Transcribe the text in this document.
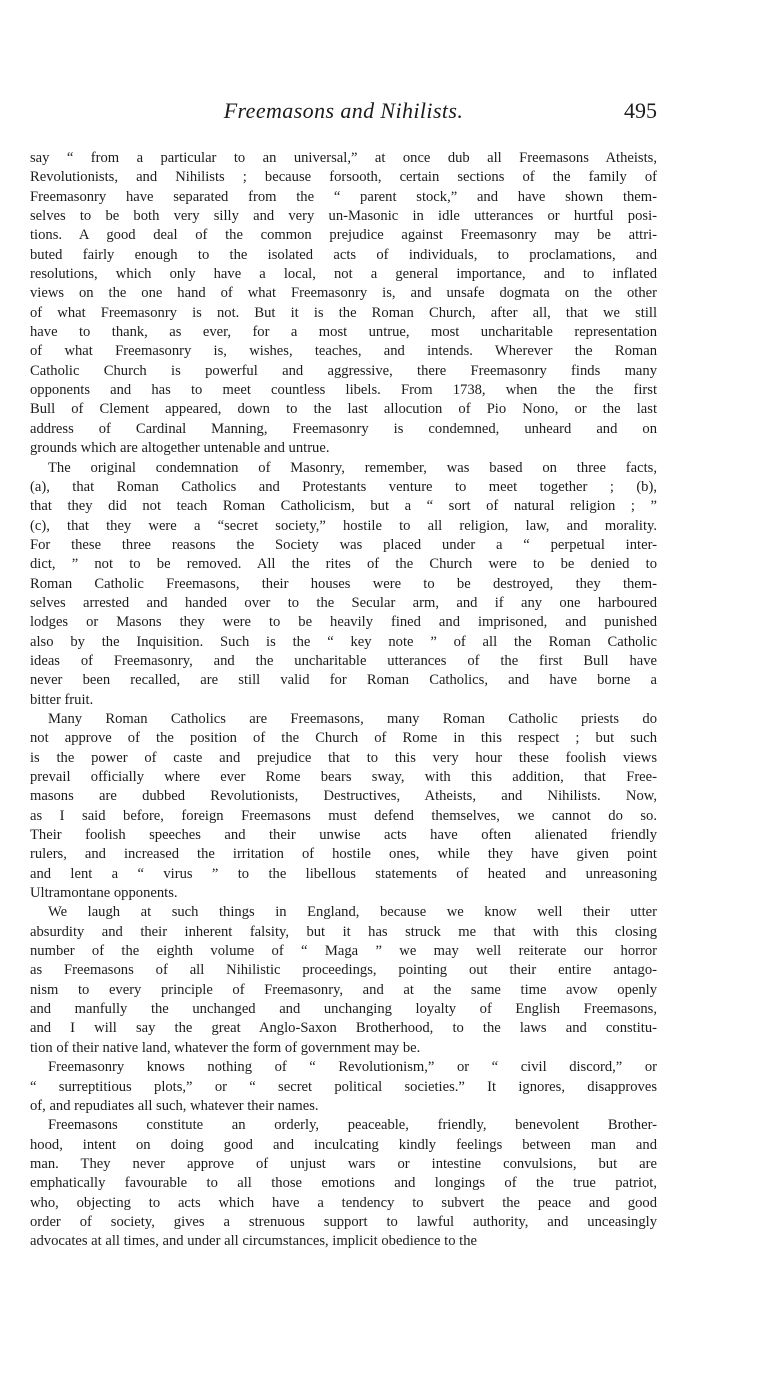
Freemasons and Nihilists.	495
say “ from a particular to an universal,” at once dub all Freemasons Atheists,
Revolutionists, and Nihilists ; because forsooth, certain sections of the family of
Freemasonry have separated from the “ parent stock,” and have shown them-
selves to be both very silly and very un-Masonic in idle utterances or hurtful posi-
tions. A good deal of the common prejudice against Freemasonry may be attri-
buted fairly enough to the isolated acts of individuals, to proclamations, and
resolutions, which only have a local, not a general importance, and to inflated
views on the one hand of what Freemasonry is, and unsafe dogmata on the other
of what Freemasonry is not. But it is the Roman Church, after all, that we still
have to thank, as ever, for a most untrue, most uncharitable representation
of what Freemasonry is, wishes, teaches, and intends. Wherever the Roman
Catholic Church is powerful and aggressive, there Freemasonry finds many
opponents and has to meet countless libels. From 1738, when the the first
Bull of Clement appeared, down to the last allocution of Pio Nono, or the last
address of Cardinal Manning, Freemasonry is condemned, unheard and on
grounds which are altogether untenable and untrue.
The original condemnation of Masonry, remember, was based on three facts,
(a), that Roman Catholics and Protestants venture to meet together ; (b),
that they did not teach Roman Catholicism, but a “ sort of natural religion ; ”
(c), that they were a “secret society,” hostile to all religion, law, and morality.
For these three reasons the Society was placed under a “ perpetual inter-
dict, ” not to be removed. All the rites of the Church were to be denied to
Roman Catholic Freemasons, their houses were to be destroyed, they them-
selves arrested and handed over to the Secular arm, and if any one harboured
lodges or Masons they were to be heavily fined and imprisoned, and punished
also by the Inquisition. Such is the “ key note ” of all the Roman Catholic
ideas of Freemasonry, and the uncharitable utterances of the first Bull have
never been recalled, are still valid for Roman Catholics, and have borne a
bitter fruit.
Many Roman Catholics are Freemasons, many Roman Catholic priests do
not approve of the position of the Church of Rome in this respect ; but such
is the power of caste and prejudice that to this very hour these foolish views
prevail officially where ever Rome bears sway, with this addition, that Free-
masons are dubbed Revolutionists, Destructives, Atheists, and Nihilists. Now,
as I said before, foreign Freemasons must defend themselves, we cannot do so.
Their foolish speeches and their unwise acts have often alienated friendly
rulers, and increased the irritation of hostile ones, while they have given point
and lent a “ virus ” to the libellous statements of heated and unreasoning
Ultramontane opponents.
We laugh at such things in England, because we know well their utter
absurdity and their inherent falsity, but it has struck me that with this closing
number of the eighth volume of “ Maga ” we may well reiterate our horror
as Freemasons of all Nihilistic proceedings, pointing out their entire antago-
nism to every principle of Freemasonry, and at the same time avow openly
and manfully the unchanged and unchanging loyalty of English Freemasons,
and I will say the great Anglo-Saxon Brotherhood, to the laws and constitu-
tion of their native land, whatever the form of government may be.
Freemasonry knows nothing of “ Revolutionism,” or “ civil discord,” or
“ surreptitious plots,” or “ secret political societies.” It ignores, disapproves
of, and repudiates all such, whatever their names.
Freemasons constitute an orderly, peaceable, friendly, benevolent Brother-
hood, intent on doing good and inculcating kindly feelings between man and
man. They never approve of unjust wars or intestine convulsions, but are
emphatically favourable to all those emotions and longings of the true patriot,
who, objecting to acts which have a tendency to subvert the peace and good
order of society, gives a strenuous support to lawful authority, and unceasingly
advocates at all times, and under all circumstances, implicit obedience to the
